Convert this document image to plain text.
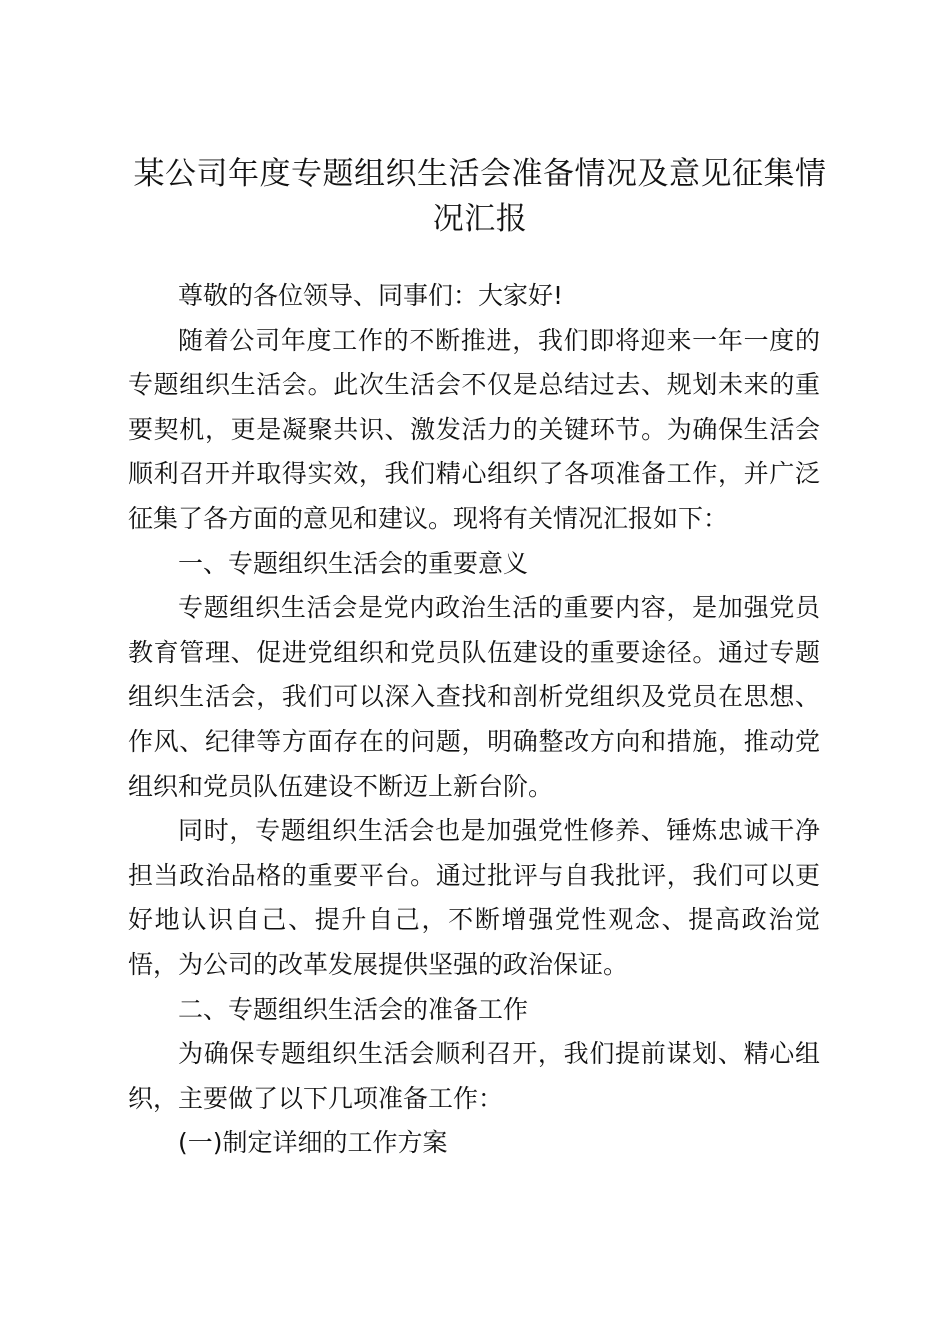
某公司年度专题组织生活会准备情况及意见征集情况汇报

尊敬的各位领导、同事们：大家好!

随着公司年度工作的不断推进，我们即将迎来一年一度的专题组织生活会。此次生活会不仅是总结过去、规划未来的重要契机，更是凝聚共识、激发活力的关键环节。为确保生活会顺利召开并取得实效，我们精心组织了各项准备工作，并广泛征集了各方面的意见和建议。现将有关情况汇报如下：

一、专题组织生活会的重要意义

专题组织生活会是党内政治生活的重要内容，是加强党员教育管理、促进党组织和党员队伍建设的重要途径。通过专题组织生活会，我们可以深入查找和剖析党组织及党员在思想、作风、纪律等方面存在的问题，明确整改方向和措施，推动党组织和党员队伍建设不断迈上新台阶。

同时，专题组织生活会也是加强党性修养、锤炼忠诚干净担当政治品格的重要平台。通过批评与自我批评，我们可以更好地认识自己、提升自己，不断增强党性观念、提高政治觉悟，为公司的改革发展提供坚强的政治保证。

二、专题组织生活会的准备工作

为确保专题组织生活会顺利召开，我们提前谋划、精心组织，主要做了以下几项准备工作：

(一)制定详细的工作方案
